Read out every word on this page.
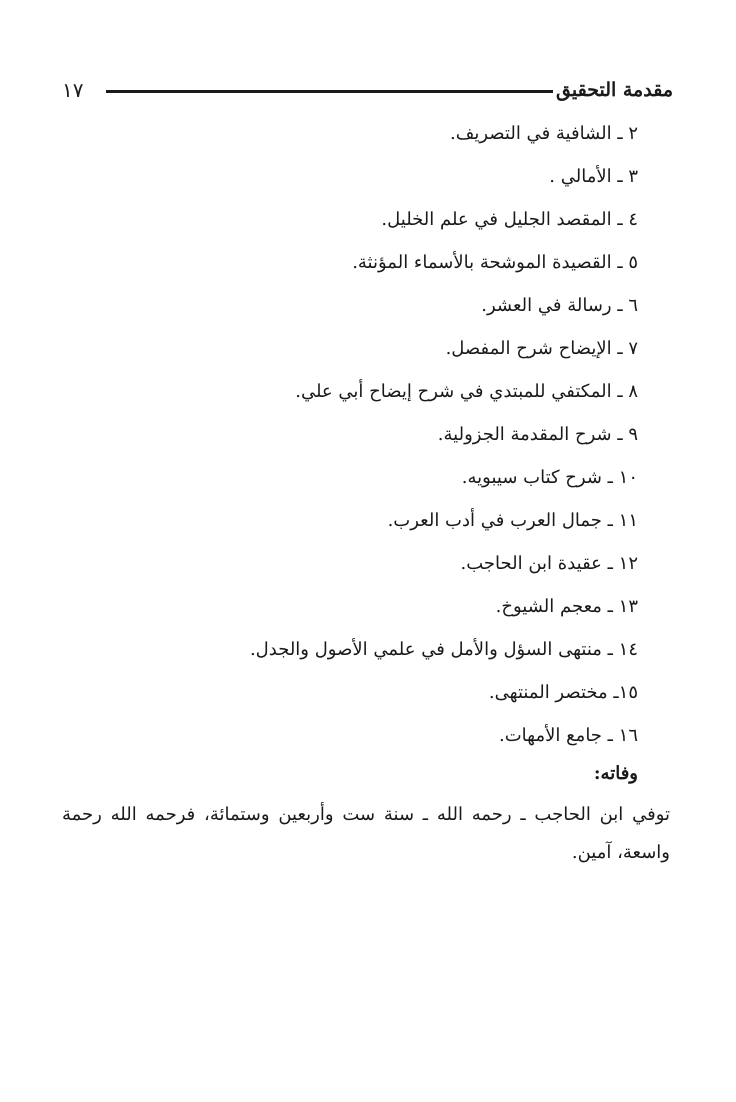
مقدمة التحقيق
١٧
٢ ـ الشافية في التصريف.
٣ ـ الأمالي .
٤ ـ المقصد الجليل في علم الخليل.
٥ ـ القصيدة الموشحة بالأسماء المؤنثة.
٦ ـ رسالة في العشر.
٧ ـ الإيضاح شرح المفصل.
٨ ـ المكتفي للمبتدي في شرح إيضاح أبي علي.
٩ ـ شرح المقدمة الجزولية.
١٠ ـ شرح كتاب سيبويه.
١١ ـ جمال العرب في أدب العرب.
١٢ ـ عقيدة ابن الحاجب.
١٣ ـ معجم الشيوخ.
١٤ ـ منتهى السؤل والأمل في علمي الأصول والجدل.
١٥ـ مختصر المنتهى.
١٦ ـ جامع الأمهات.
وفاته:

توفي ابن الحاجب ـ رحمه الله ـ سنة ست وأربعين وستمائة، فرحمه الله رحمة واسعة، آمين.
